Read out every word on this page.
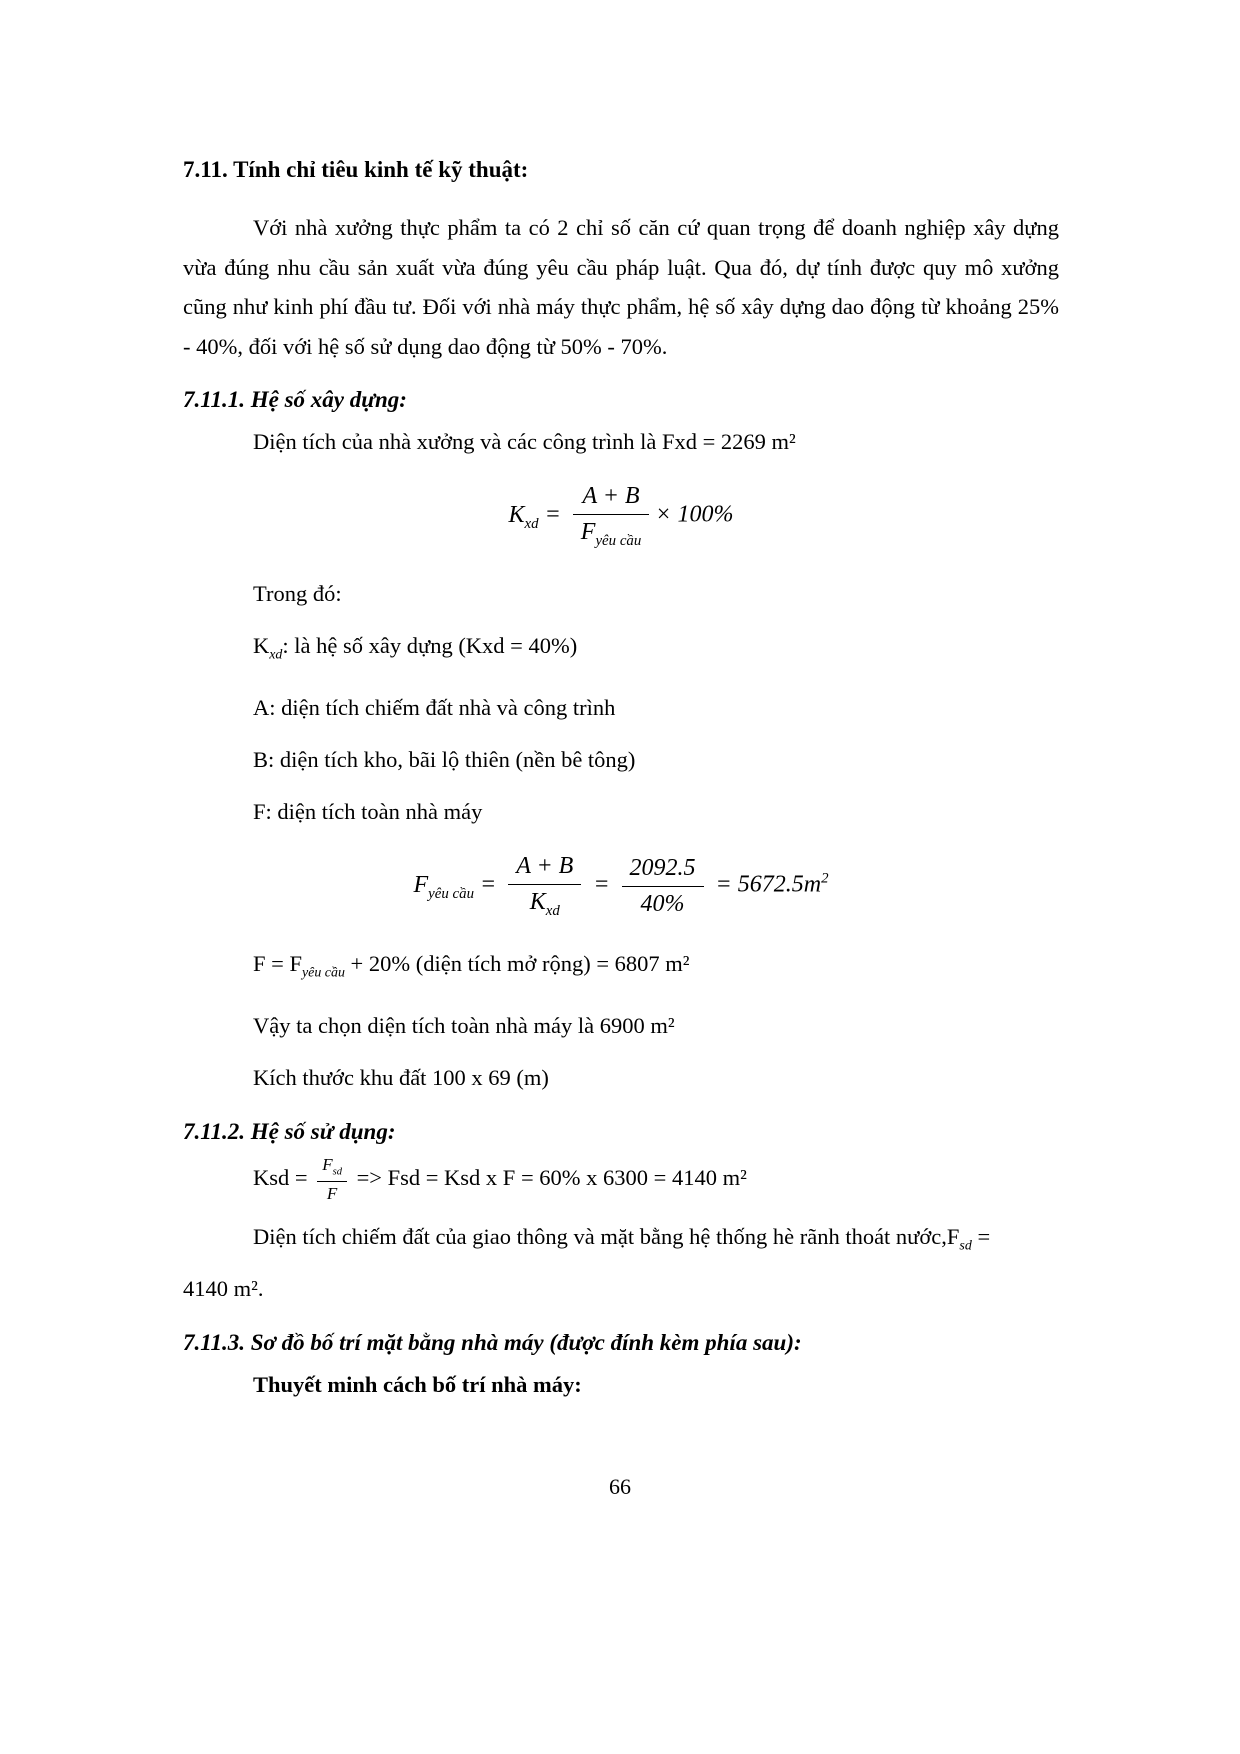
7.11. Tính chỉ tiêu kinh tế kỹ thuật:

Với nhà xưởng thực phẩm ta có 2 chỉ số căn cứ quan trọng để doanh nghiệp xây dựng vừa đúng nhu cầu sản xuất vừa đúng yêu cầu pháp luật. Qua đó, dự tính được quy mô xưởng cũng như kinh phí đầu tư. Đối với nhà máy thực phẩm, hệ số xây dựng dao động từ khoảng 25% - 40%, đối với hệ số sử dụng dao động từ 50% - 70%.

7.11.1. Hệ số xây dựng:

Diện tích của nhà xưởng và các công trình là Fxd = 2269 m²

$K_{xd} = \frac{A + B}{F_{yêu cầu}} \times 100\%$

Trong đó:

$K_{xd}$: là hệ số xây dựng (Kxd = 40%)

A: diện tích chiếm đất nhà và công trình

B: diện tích kho, bãi lộ thiên (nền bê tông)

F: diện tích toàn nhà máy

$F_{yêu cầu} = \frac{A + B}{K_{xd}} = \frac{2092.5}{40\%} = 5672.5m^2$

$F = F_{yêu cầu} + 20\%$ (diện tích mở rộng) = 6807 m²

Vậy ta chọn diện tích toàn nhà máy là 6900 m²

Kích thước khu đất 100 x 69 (m)

7.11.2. Hệ số sử dụng:

Ksd = $\frac{F_{sd}}{F}$ => Fsd = Ksd x F = 60% x 6300 = 4140 m²

Diện tích chiếm đất của giao thông và mặt bằng hệ thống hè rãnh thoát $nước,F_{sd}$ =

4140 m².

7.11.3. Sơ đồ bố trí mặt bằng nhà máy (được đính kèm phía sau):

Thuyết minh cách bố trí nhà máy:

66
